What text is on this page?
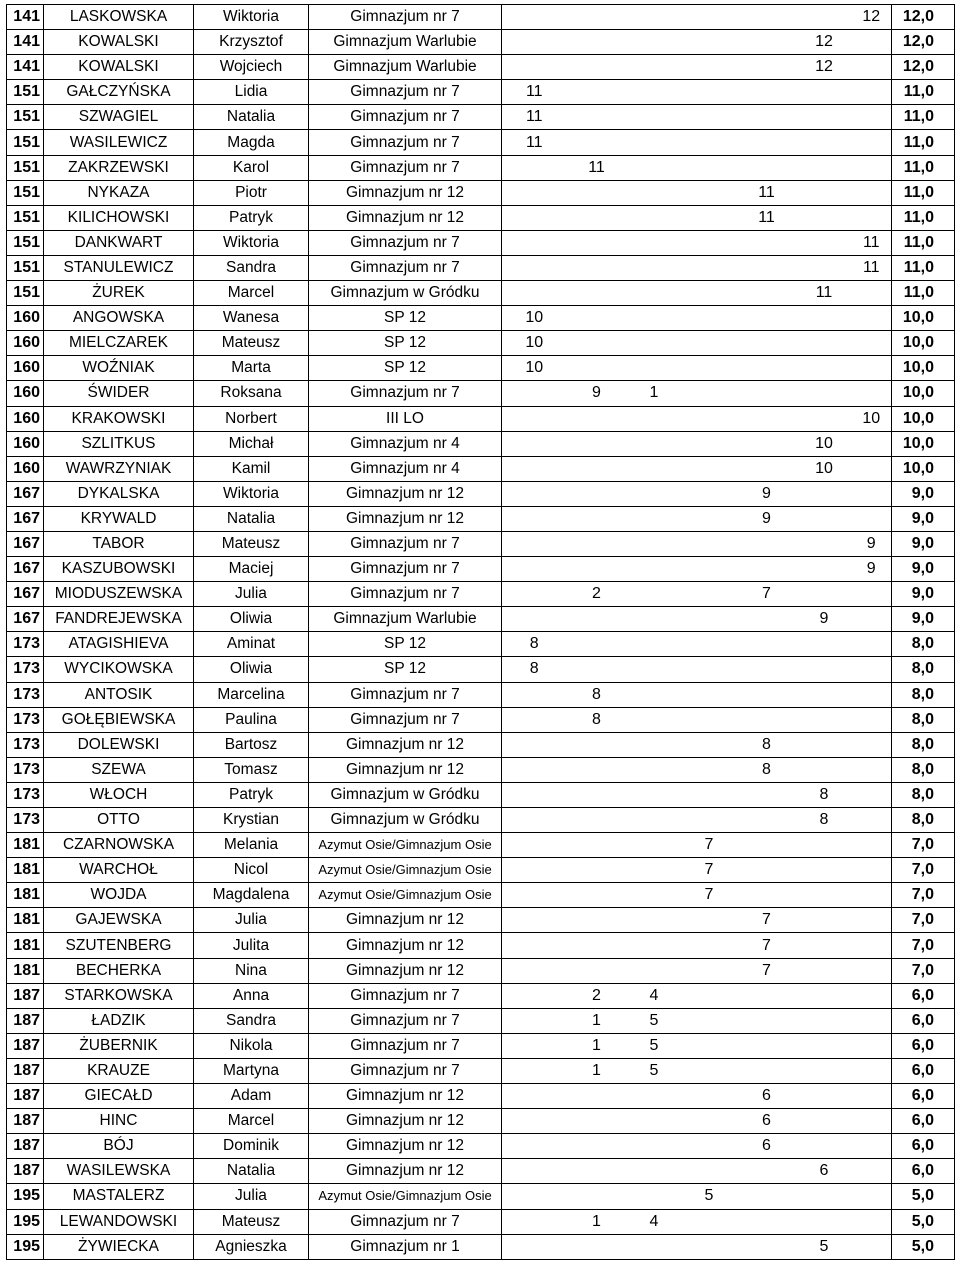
141	LASKOWSKA	Wiktoria	Gimnazjum nr 7							12	12,0
141	KOWALSKI	Krzysztof	Gimnazjum Warlubie						12		12,0
141	KOWALSKI	Wojciech	Gimnazjum Warlubie						12		12,0
151	GAŁCZYŃSKA	Lidia	Gimnazjum nr 7	11							11,0
151	SZWAGIEL	Natalia	Gimnazjum nr 7	11							11,0
151	WASILEWICZ	Magda	Gimnazjum nr 7	11							11,0
151	ZAKRZEWSKI	Karol	Gimnazjum nr 7		11						11,0
151	NYKAZA	Piotr	Gimnazjum nr 12					11			11,0
151	KILICHOWSKI	Patryk	Gimnazjum nr 12					11			11,0
151	DANKWART	Wiktoria	Gimnazjum nr 7							11	11,0
151	STANULEWICZ	Sandra	Gimnazjum nr 7							11	11,0
151	ŻUREK	Marcel	Gimnazjum w Gródku						11		11,0
160	ANGOWSKA	Wanesa	SP 12	10							10,0
160	MIELCZAREK	Mateusz	SP 12	10							10,0
160	WOŹNIAK	Marta	SP 12	10							10,0
160	ŚWIDER	Roksana	Gimnazjum nr 7		9	1					10,0
160	KRAKOWSKI	Norbert	III LO							10	10,0
160	SZLITKUS	Michał	Gimnazjum nr 4						10		10,0
160	WAWRZYNIAK	Kamil	Gimnazjum nr 4						10		10,0
167	DYKALSKA	Wiktoria	Gimnazjum nr 12					9			9,0
167	KRYWALD	Natalia	Gimnazjum nr 12					9			9,0
167	TABOR	Mateusz	Gimnazjum nr 7							9	9,0
167	KASZUBOWSKI	Maciej	Gimnazjum nr 7							9	9,0
167	MIODUSZEWSKA	Julia	Gimnazjum nr 7		2			7			9,0
167	FANDREJEWSKA	Oliwia	Gimnazjum Warlubie						9		9,0
173	ATAGISHIEVA	Aminat	SP 12	8							8,0
173	WYCIKOWSKA	Oliwia	SP 12	8							8,0
173	ANTOSIK	Marcelina	Gimnazjum nr 7		8						8,0
173	GOŁĘBIEWSKA	Paulina	Gimnazjum nr 7		8						8,0
173	DOLEWSKI	Bartosz	Gimnazjum nr 12					8			8,0
173	SZEWA	Tomasz	Gimnazjum nr 12					8			8,0
173	WŁOCH	Patryk	Gimnazjum w Gródku						8		8,0
173	OTTO	Krystian	Gimnazjum w Gródku						8		8,0
181	CZARNOWSKA	Melania	Azymut Osie/Gimnazjum Osie				7				7,0
181	WARCHOŁ	Nicol	Azymut Osie/Gimnazjum Osie				7				7,0
181	WOJDA	Magdalena	Azymut Osie/Gimnazjum Osie				7				7,0
181	GAJEWSKA	Julia	Gimnazjum nr 12					7			7,0
181	SZUTENBERG	Julita	Gimnazjum nr 12					7			7,0
181	BECHERKA	Nina	Gimnazjum nr 12					7			7,0
187	STARKOWSKA	Anna	Gimnazjum nr 7		2	4					6,0
187	ŁADZIK	Sandra	Gimnazjum nr 7		1	5					6,0
187	ŻUBERNIK	Nikola	Gimnazjum nr 7		1	5					6,0
187	KRAUZE	Martyna	Gimnazjum nr 7		1	5					6,0
187	GIECAŁD	Adam	Gimnazjum nr 12					6			6,0
187	HINC	Marcel	Gimnazjum nr 12					6			6,0
187	BÓJ	Dominik	Gimnazjum nr 12					6			6,0
187	WASILEWSKA	Natalia	Gimnazjum nr 12						6		6,0
195	MASTALERZ	Julia	Azymut Osie/Gimnazjum Osie				5				5,0
195	LEWANDOWSKI	Mateusz	Gimnazjum nr 7		1	4					5,0
195	ŻYWIECKA	Agnieszka	Gimnazjum nr 1						5		5,0
